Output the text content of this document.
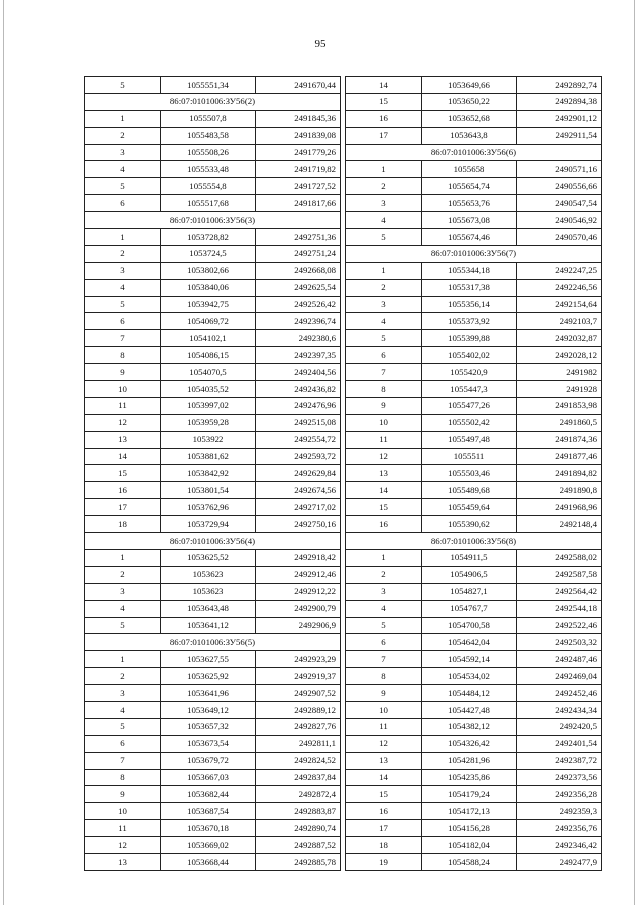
95
5	1055551,34	2491670,44
86:07:0101006:ЗУ56(2)		
1	1055507,8	2491845,36
2	1055483,58	2491839,08
3	1055508,26	2491779,26
4	1055533,48	2491719,82
5	1055554,8	2491727,52
6	1055517,68	2491817,66
86:07:0101006:ЗУ56(3)		
1	1053728,82	2492751,36
2	1053724,5	2492751,24
3	1053802,66	2492668,08
4	1053840,06	2492625,54
5	1053942,75	2492526,42
6	1054069,72	2492396,74
7	1054102,1	2492380,6
8	1054086,15	2492397,35
9	1054070,5	2492404,56
10	1054035,52	2492436,82
11	1053997,02	2492476,96
12	1053959,28	2492515,08
13	1053922	2492554,72
14	1053881,62	2492593,72
15	1053842,92	2492629,84
16	1053801,54	2492674,56
17	1053762,96	2492717,02
18	1053729,94	2492750,16
86:07:0101006:ЗУ56(4)		
1	1053625,52	2492918,42
2	1053623	2492912,46
3	1053623	2492912,22
4	1053643,48	2492900,79
5	1053641,12	2492906,9
86:07:0101006:ЗУ56(5)		
1	1053627,55	2492923,29
2	1053625,92	2492919,37
3	1053641,96	2492907,52
4	1053649,12	2492889,12
5	1053657,32	2492827,76
6	1053673,54	2492811,1
7	1053679,72	2492824,52
8	1053667,03	2492837,84
9	1053682,44	2492872,4
10	1053687,54	2492883,87
11	1053670,18	2492890,74
12	1053669,02	2492887,52
13	1053668,44	2492885,78
14	1053649,66	2492892,74
15	1053650,22	2492894,38
16	1053652,68	2492901,12
17	1053643,8	2492911,54
86:07:0101006:ЗУ56(6)		
1	1055658	2490571,16
2	1055654,74	2490556,66
3	1055653,76	2490547,54
4	1055673,08	2490546,92
5	1055674,46	2490570,46
86:07:0101006:ЗУ56(7)		
1	1055344,18	2492247,25
2	1055317,38	2492246,56
3	1055356,14	2492154,64
4	1055373,92	2492103,7
5	1055399,88	2492032,87
6	1055402,02	2492028,12
7	1055420,9	2491982
8	1055447,3	2491928
9	1055477,26	2491853,98
10	1055502,42	2491860,5
11	1055497,48	2491874,36
12	1055511	2491877,46
13	1055503,46	2491894,82
14	1055489,68	2491890,8
15	1055459,64	2491968,96
16	1055390,62	2492148,4
86:07:0101006:ЗУ56(8)		
1	1054911,5	2492588,02
2	1054906,5	2492587,58
3	1054827,1	2492564,42
4	1054767,7	2492544,18
5	1054700,58	2492522,46
6	1054642,04	2492503,32
7	1054592,14	2492487,46
8	1054534,02	2492469,04
9	1054484,12	2492452,46
10	1054427,48	2492434,34
11	1054382,12	2492420,5
12	1054326,42	2492401,54
13	1054281,96	2492387,72
14	1054235,86	2492373,56
15	1054179,24	2492356,28
16	1054172,13	2492359,3
17	1054156,28	2492356,76
18	1054182,04	2492346,42
19	1054588,24	2492477,9
